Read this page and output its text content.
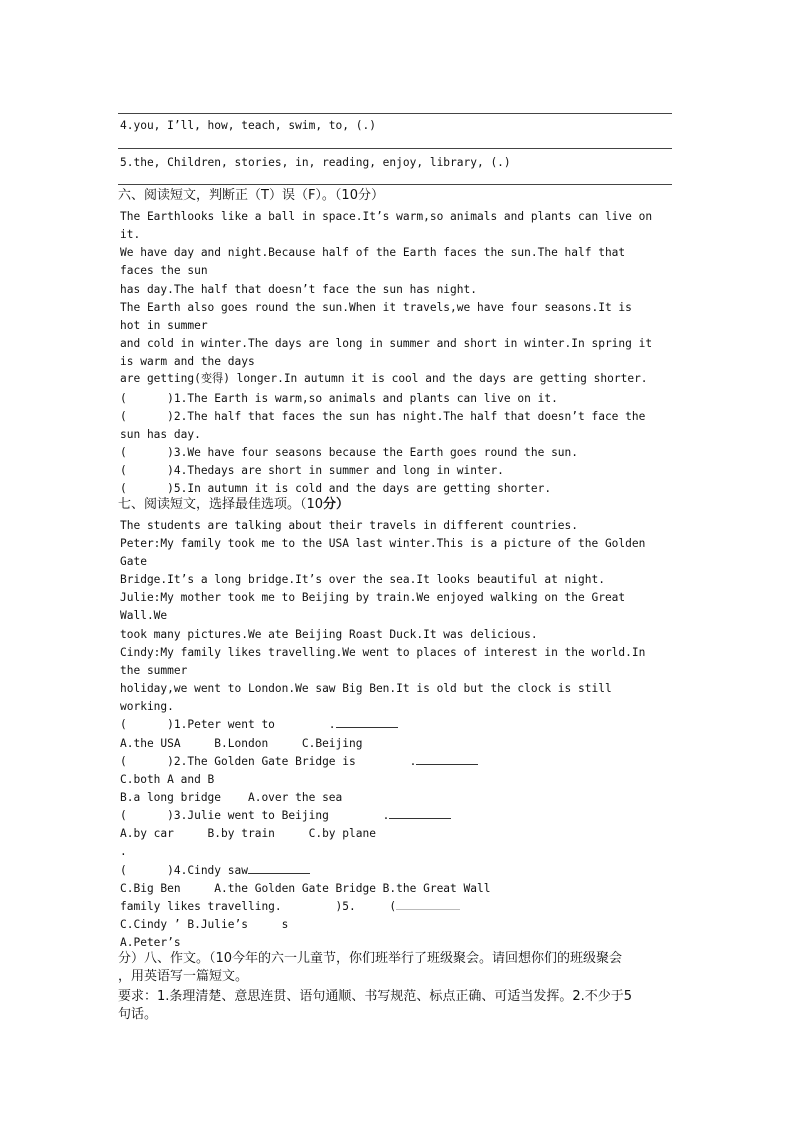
4.you, I’ll, how, teach, swim, to, (.)
5.the, Children, stories, in, reading, enjoy, library, (.)
六、阅读短文，判断正（T）误（F）。（10分）
The Earthlooks like a ball in space.It’s warm,so animals and plants can live on
it.
We have day and night.Because half of the Earth faces the sun.The half that
faces the sun
has day.The half that doesn’t face the sun has night.
The Earth also goes round the sun.When it travels,we have four seasons.It is
hot in summer
and cold in winter.The days are long in summer and short in winter.In spring it
is warm and the days
are getting(变得) longer.In autumn it is cool and the days are getting shorter.
(      )1.The Earth is warm,so animals and plants can live on it.
(      )2.The half that faces the sun has night.The half that doesn’t face the
sun has day.
(      )3.We have four seasons because the Earth goes round the sun.
(      )4.Thedays are short in summer and long in winter.
(      )5.In autumn it is cold and the days are getting shorter.
七、阅读短文，选择最佳选项。（10分）
The students are talking about their travels in different countries.
Peter:My family took me to the USA last winter.This is a picture of the Golden
Gate
Bridge.It’s a long bridge.It’s over the sea.It looks beautiful at night.
Julie:My mother took me to Beijing by train.We enjoyed walking on the Great
Wall.We
took many pictures.We ate Beijing Roast Duck.It was delicious.
Cindy:My family likes travelling.We went to places of interest in the world.In
the summer
holiday,we went to London.We saw Big Ben.It is old but the clock is still
working.
(      )1.Peter went to        .
A.the USA     B.London     C.Beijing
(      )2.The Golden Gate Bridge is        .
C.both A and B
B.a long bridge    A.over the sea
(      )3.Julie went to Beijing        .
A.by car     B.by train     C.by plane
.
(      )4.Cindy saw
C.Big Ben     A.the Golden Gate Bridge B.the Great Wall
family likes travelling.        )5.     (
C.Cindy ’ B.Julie’s     s
A.Peter’s
分）八、作文。（10今年的六一儿童节，你们班举行了班级聚会。请回想你们的班级聚会
，用英语写一篇短文。
要求：1.条理清楚、意思连贯、语句通顺、书写规范、标点正确、可适当发挥。2.不少于5
句话。
